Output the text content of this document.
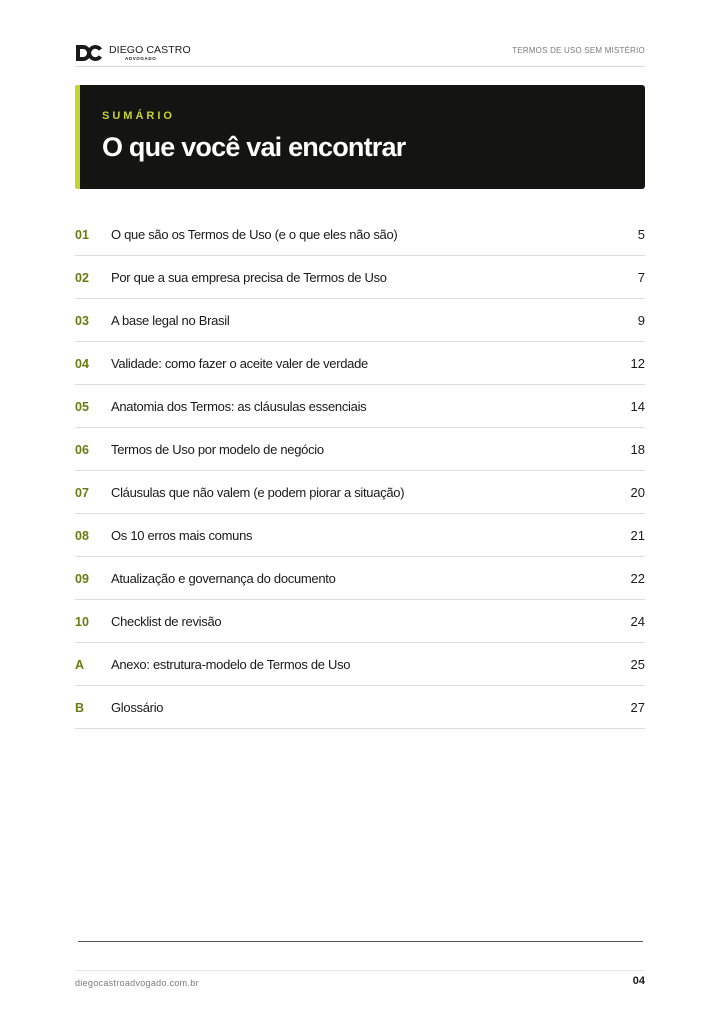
DIEGO CASTRO
ADVOGADO
TERMOS DE USO SEM MISTÉRIO
SUMÁRIO
O que você vai encontrar
01 O que são os Termos de Uso (e o que eles não são)	5
02 Por que a sua empresa precisa de Termos de Uso	7
03 A base legal no Brasil	9
04 Validade: como fazer o aceite valer de verdade	12
05 Anatomia dos Termos: as cláusulas essenciais	14
06 Termos de Uso por modelo de negócio	18
07 Cláusulas que não valem (e podem piorar a situação)	20
08 Os 10 erros mais comuns	21
09 Atualização e governança do documento	22
10 Checklist de revisão	24
A Anexo: estrutura-modelo de Termos de Uso	25
B Glossário	27
diegocastroadvogado.com.br	04
